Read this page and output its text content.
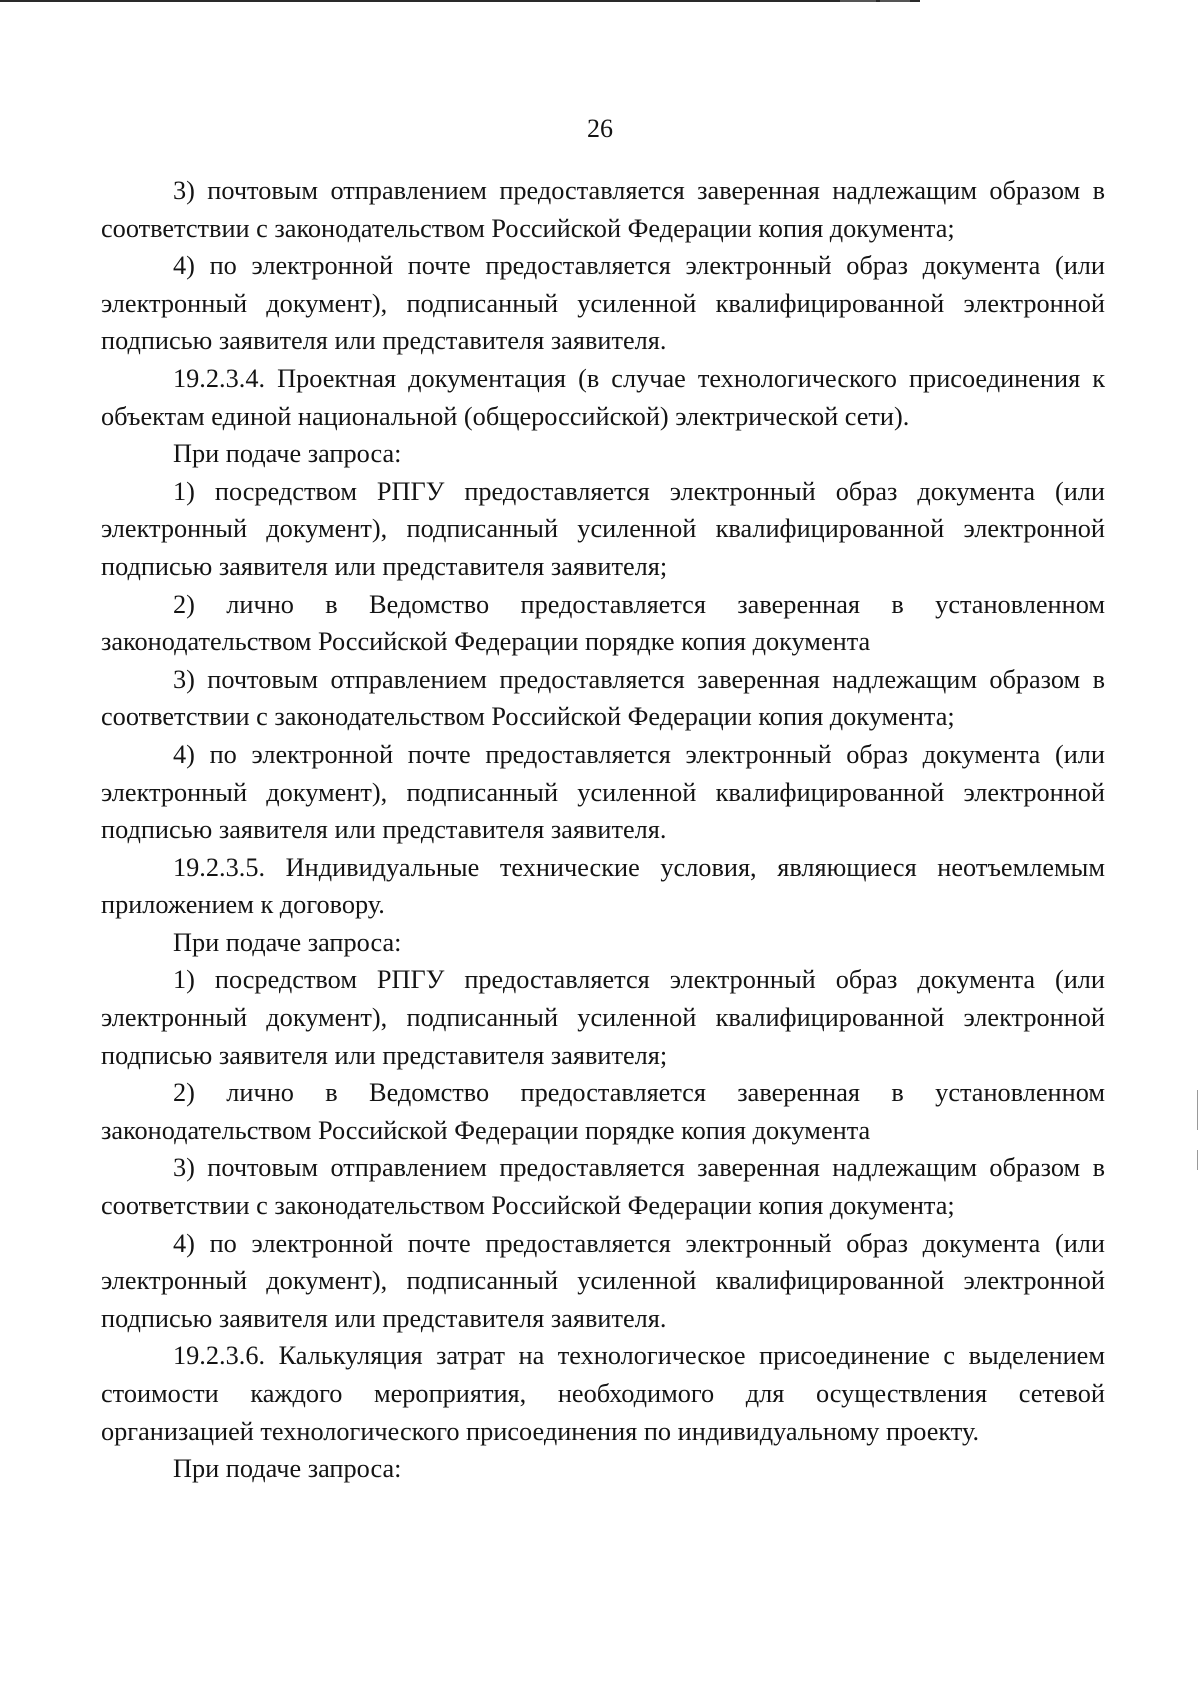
26

3) почтовым отправлением предоставляется заверенная надлежащим образом в соответствии с законодательством Российской Федерации копия документа;

4) по электронной почте предоставляется электронный образ документа (или электронный документ), подписанный усиленной квалифицированной электронной подписью заявителя или представителя заявителя.

19.2.3.4. Проектная документация (в случае технологического присоединения к объектам единой национальной (общероссийской) электрической сети).

При подаче запроса:

1) посредством РПГУ предоставляется электронный образ документа (или электронный документ), подписанный усиленной квалифицированной электронной подписью заявителя или представителя заявителя;

2) лично в Ведомство предоставляется заверенная в установленном законодательством Российской Федерации порядке копия документа

3) почтовым отправлением предоставляется заверенная надлежащим образом в соответствии с законодательством Российской Федерации копия документа;

4) по электронной почте предоставляется электронный образ документа (или электронный документ), подписанный усиленной квалифицированной электронной подписью заявителя или представителя заявителя.

19.2.3.5. Индивидуальные технические условия, являющиеся неотъемлемым приложением к договору.

При подаче запроса:

1) посредством РПГУ предоставляется электронный образ документа (или электронный документ), подписанный усиленной квалифицированной электронной подписью заявителя или представителя заявителя;

2) лично в Ведомство предоставляется заверенная в установленном законодательством Российской Федерации порядке копия документа

3) почтовым отправлением предоставляется заверенная надлежащим образом в соответствии с законодательством Российской Федерации копия документа;

4) по электронной почте предоставляется электронный образ документа (или электронный документ), подписанный усиленной квалифицированной электронной подписью заявителя или представителя заявителя.

19.2.3.6. Калькуляция затрат на технологическое присоединение с выделением стоимости каждого мероприятия, необходимого для осуществления сетевой организацией технологического присоединения по индивидуальному проекту.

При подаче запроса:
